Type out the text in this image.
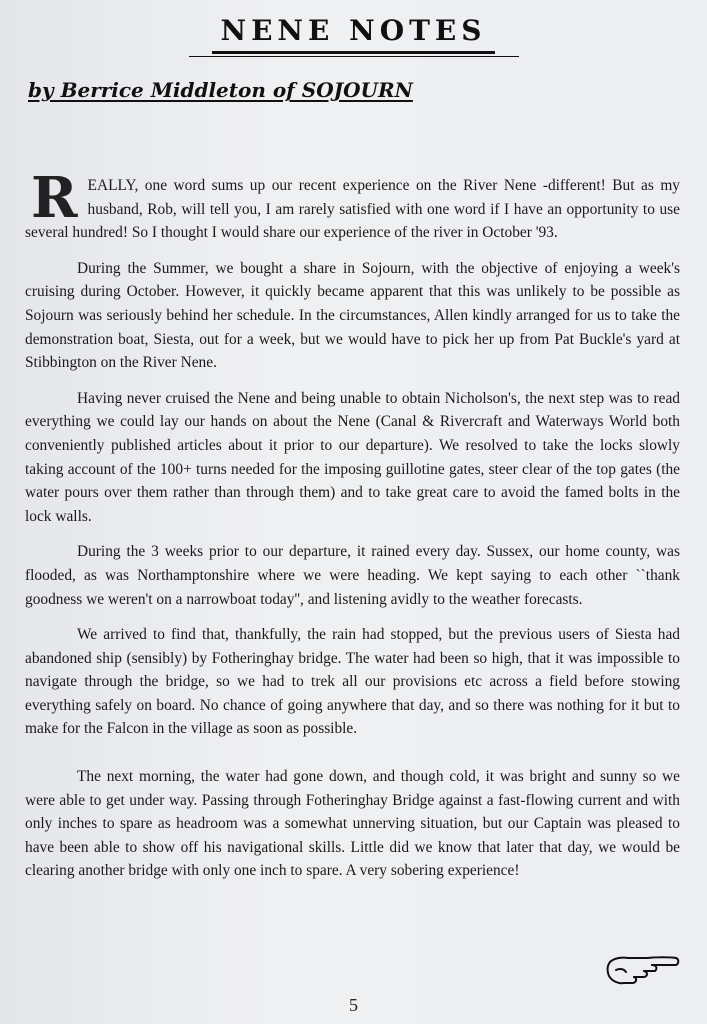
NENE NOTES
by Berrice Middleton of SOJOURN

R EALLY, one word sums up our recent experience on the River Nene -different! But as my husband, Rob, will tell you, I am rarely satisfied with one word if I have an opportunity to use several hundred! So I thought I would share our experience of the river in October '93.

During the Summer, we bought a share in Sojourn, with the objective of enjoying a week's cruising during October. However, it quickly became apparent that this was unlikely to be possible as Sojourn was seriously behind her schedule. In the circumstances, Allen kindly arranged for us to take the demonstration boat, Siesta, out for a week, but we would have to pick her up from Pat Buckle's yard at Stibbington on the River Nene.

Having never cruised the Nene and being unable to obtain Nicholson's, the next step was to read everything we could lay our hands on about the Nene (Canal & Rivercraft and Waterways World both conveniently published articles about it prior to our departure). We resolved to take the locks slowly taking account of the 100+ turns needed for the imposing guillotine gates, steer clear of the top gates (the water pours over them rather than through them) and to take great care to avoid the famed bolts in the lock walls.

During the 3 weeks prior to our departure, it rained every day. Sussex, our home county, was flooded, as was Northamptonshire where we were heading. We kept saying to each other ``thank goodness we weren't on a narrowboat today'', and listening avidly to the weather forecasts.

We arrived to find that, thankfully, the rain had stopped, but the previous users of Siesta had abandoned ship (sensibly) by Fotheringhay bridge. The water had been so high, that it was impossible to navigate through the bridge, so we had to trek all our provisions etc across a field before stowing everything safely on board. No chance of going anywhere that day, and so there was nothing for it but to make for the Falcon in the village as soon as possible.

The next morning, the water had gone down, and though cold, it was bright and sunny so we were able to get under way. Passing through Fotheringhay Bridge against a fast-flowing current and with only inches to spare as headroom was a somewhat unnerving situation, but our Captain was pleased to have been able to show off his navigational skills. Little did we know that later that day, we would be clearing another bridge with only one inch to spare. A very sobering experience!

5
